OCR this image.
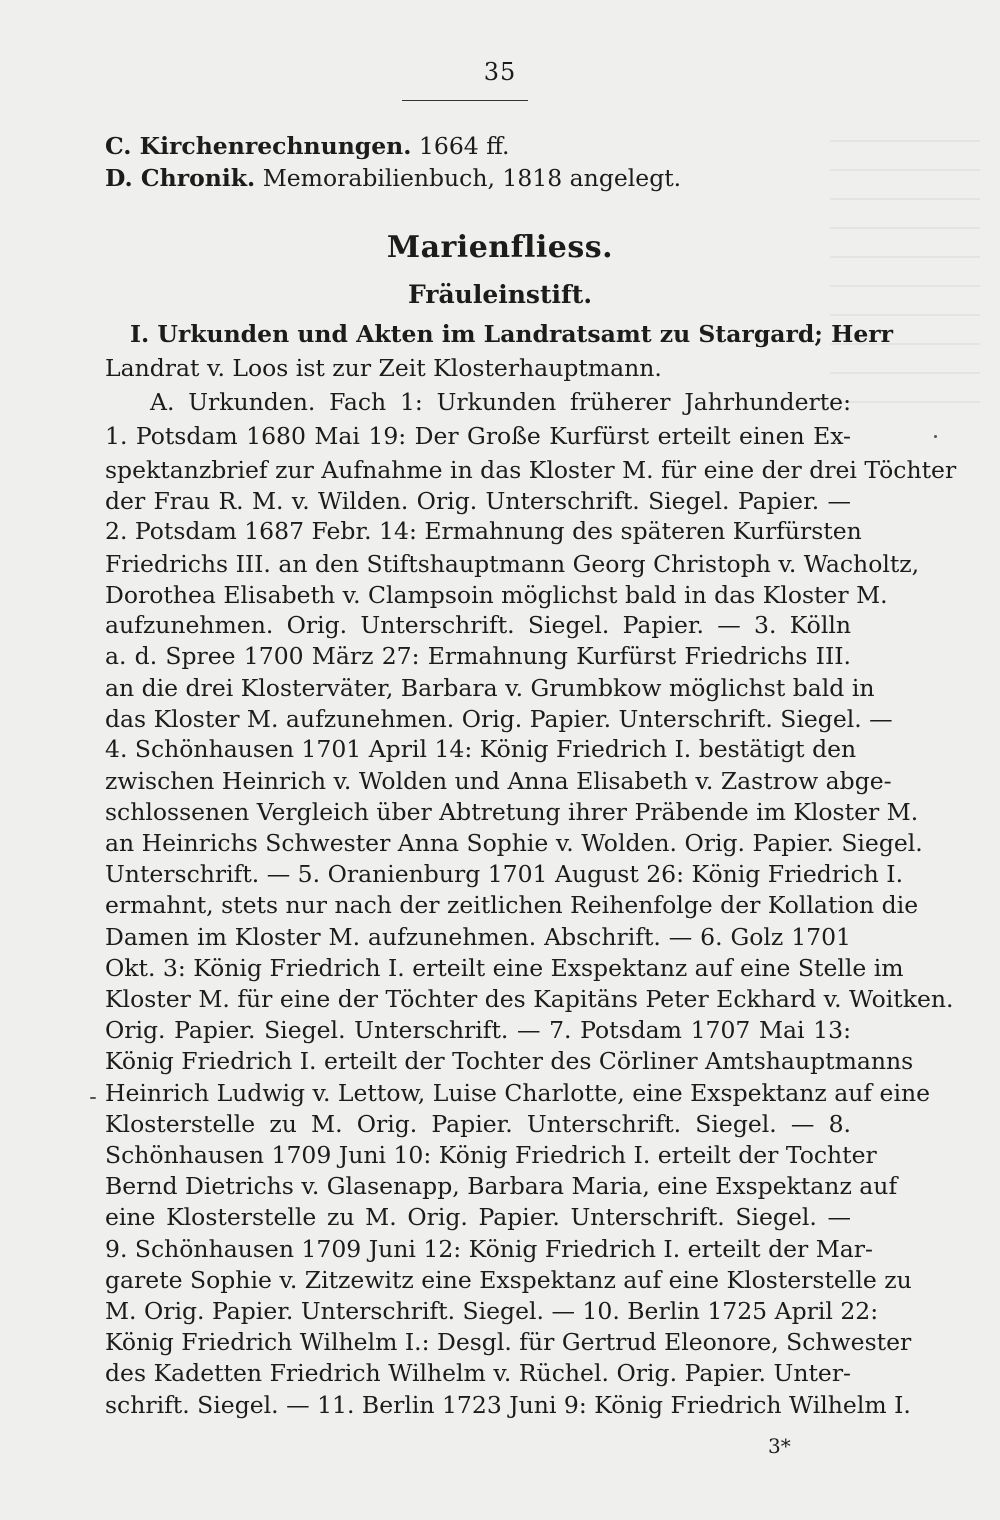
35
C. Kirchenrechnungen. 1664 ff.
D. Chronik. Memorabilienbuch, 1818 angelegt.
Marienfliess.
Fräuleinstift.
I. Urkunden und Akten im Landratsamt zu Stargard; Herr
Landrat v. Loos ist zur Zeit Klosterhauptmann.
A. Urkunden. Fach 1: Urkunden früherer Jahrhunderte:
1. Potsdam 1680 Mai 19: Der Große Kurfürst erteilt einen Ex-
spektanzbrief zur Aufnahme in das Kloster M. für eine der drei Töchter
der Frau R. M. v. Wilden. Orig. Unterschrift. Siegel. Papier. —
2. Potsdam 1687 Febr. 14: Ermahnung des späteren Kurfürsten
Friedrichs III. an den Stiftshauptmann Georg Christoph v. Wacholtz,
Dorothea Elisabeth v. Clampsoin möglichst bald in das Kloster M.
aufzunehmen. Orig. Unterschrift. Siegel. Papier. — 3. Kölln
a. d. Spree 1700 März 27: Ermahnung Kurfürst Friedrichs III.
an die drei Klosterväter, Barbara v. Grumbkow möglichst bald in
das Kloster M. aufzunehmen. Orig. Papier. Unterschrift. Siegel. —
4. Schönhausen 1701 April 14: König Friedrich I. bestätigt den
zwischen Heinrich v. Wolden und Anna Elisabeth v. Zastrow abge-
schlossenen Vergleich über Abtretung ihrer Präbende im Kloster M.
an Heinrichs Schwester Anna Sophie v. Wolden. Orig. Papier. Siegel.
Unterschrift. — 5. Oranienburg 1701 August 26: König Friedrich I.
ermahnt, stets nur nach der zeitlichen Reihenfolge der Kollation die
Damen im Kloster M. aufzunehmen. Abschrift. — 6. Golz 1701
Okt. 3: König Friedrich I. erteilt eine Exspektanz auf eine Stelle im
Kloster M. für eine der Töchter des Kapitäns Peter Eckhard v. Woitken.
Orig. Papier. Siegel. Unterschrift. — 7. Potsdam 1707 Mai 13:
König Friedrich I. erteilt der Tochter des Cörliner Amtshauptmanns
Heinrich Ludwig v. Lettow, Luise Charlotte, eine Exspektanz auf eine
Klosterstelle zu M. Orig. Papier. Unterschrift. Siegel. — 8.
Schönhausen 1709 Juni 10: König Friedrich I. erteilt der Tochter
Bernd Dietrichs v. Glasenapp, Barbara Maria, eine Exspektanz auf
eine Klosterstelle zu M. Orig. Papier. Unterschrift. Siegel. —
9. Schönhausen 1709 Juni 12: König Friedrich I. erteilt der Mar-
garete Sophie v. Zitzewitz eine Exspektanz auf eine Klosterstelle zu
M. Orig. Papier. Unterschrift. Siegel. — 10. Berlin 1725 April 22:
König Friedrich Wilhelm I.: Desgl. für Gertrud Eleonore, Schwester
des Kadetten Friedrich Wilhelm v. Rüchel. Orig. Papier. Unter-
schrift. Siegel. — 11. Berlin 1723 Juni 9: König Friedrich Wilhelm I.
3*
